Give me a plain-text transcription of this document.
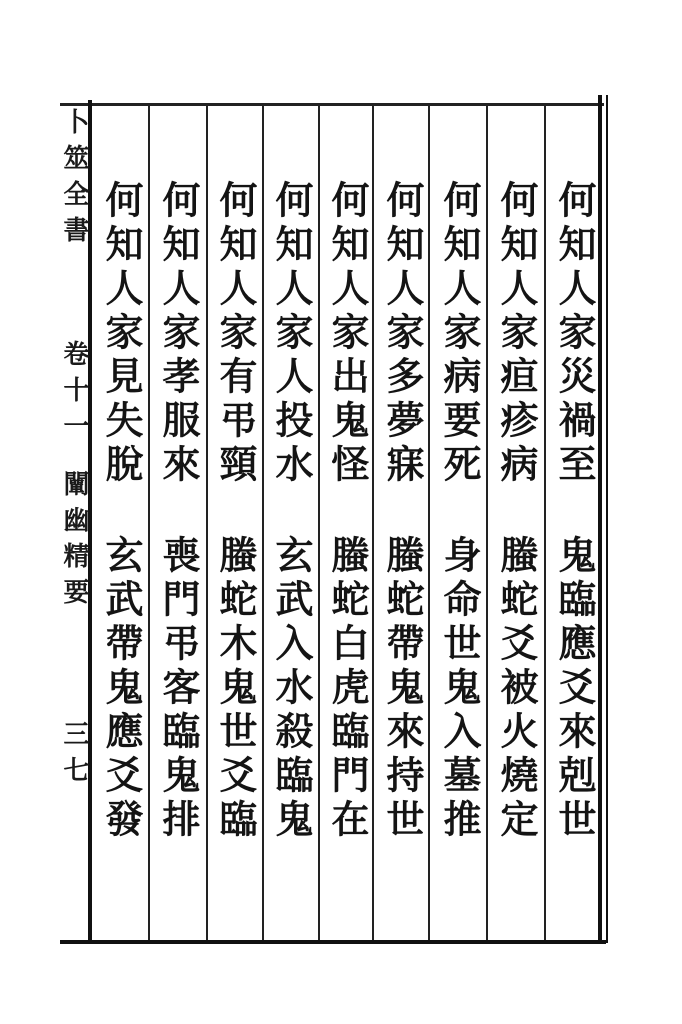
卜筮全書
卷十一
闡幽精要
三七
何知人家災禍至
鬼臨應爻來剋世
何知人家疸疹病
螣蛇爻被火燒定
何知人家病要死
身命世鬼入墓推
何知人家多夢寐
螣蛇帶鬼來持世
何知人家出鬼怪
螣蛇白虎臨門在
何知人家人投水
玄武入水殺臨鬼
何知人家有弔頸
螣蛇木鬼世爻臨
何知人家孝服來
喪門弔客臨鬼排
何知人家見失脫
玄武帶鬼應爻發
